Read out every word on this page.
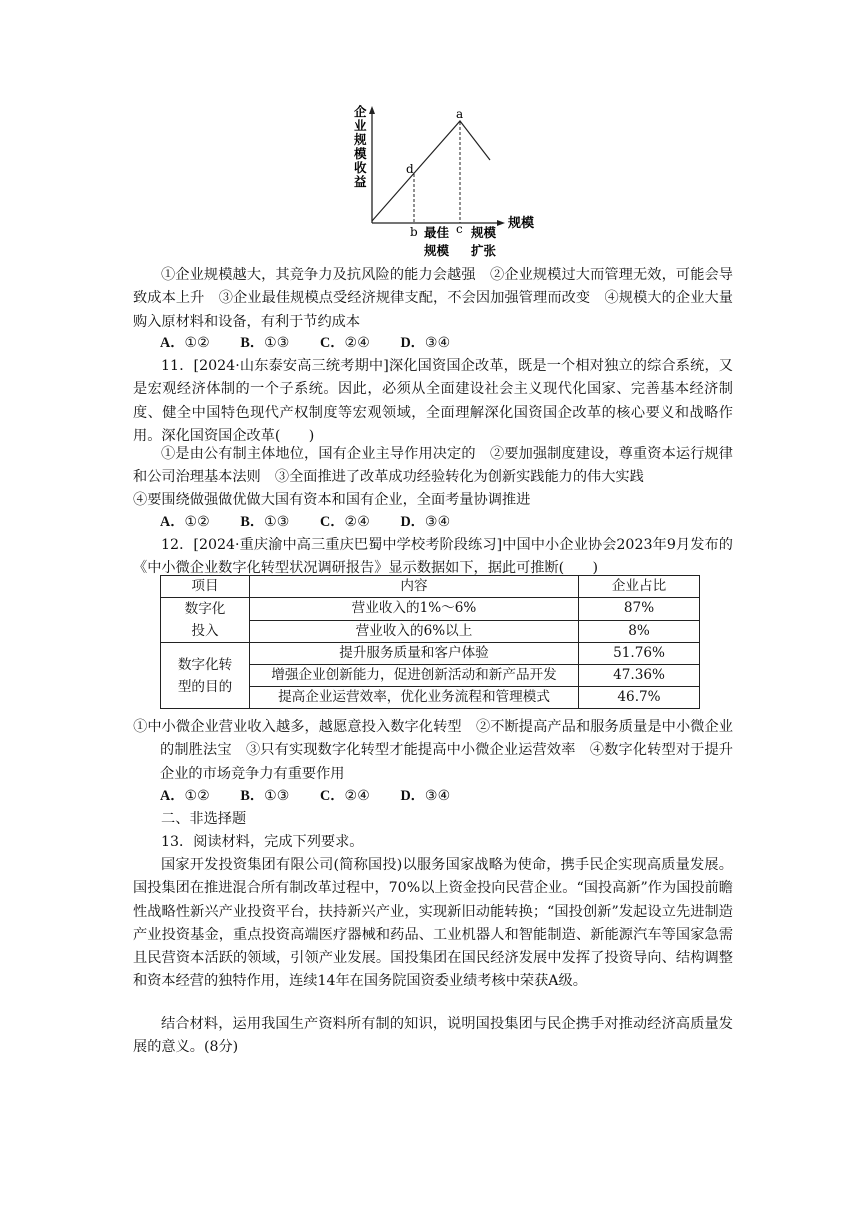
企业规模收益
规模
a
d
b	c
最佳
规模
规模
扩张

①企业规模越大，其竞争力及抗风险的能力会越强　②企业规模过大而管理无效，可能会导致成本上升　③企业最佳规模点受经济规律支配，不会因加强管理而改变　④规模大的企业大量购入原材料和设备，有利于节约成本

A．①② B．①③ C．②④ D．③④

11．[2024·山东泰安高三统考期中]深化国资国企改革，既是一个相对独立的综合系统，又是宏观经济体制的一个子系统。因此，必须从全面建设社会主义现代化国家、完善基本经济制度、健全中国特色现代产权制度等宏观领域，全面理解深化国资国企改革的核心要义和战略作用。深化国资国企改革(　　)

①是由公有制主体地位，国有企业主导作用决定的　②要加强制度建设，尊重资本运行规律和公司治理基本法则　③全面推进了改革成功经验转化为创新实践能力的伟大实践

④要围绕做强做优做大国有资本和国有企业，全面考量协调推进

A．①② B．①③ C．②④ D．③④

12．[2024·重庆渝中高三重庆巴蜀中学校考阶段练习]中国中小企业协会2023年9月发布的《中小微企业数字化转型状况调研报告》显示数据如下，据此可推断(　　)

项目	内容	企业占比

数字化
投入	营业收入的1%～6%	87%
	营业收入的6%以上	8%

数字化转
型的目的	提升服务质量和客户体验	51.76%
	增强企业创新能力，促进创新活动和新产品开发	47.36%
	提高企业运营效率，优化业务流程和管理模式	46.7%

①中小微企业营业收入越多，越愿意投入数字化转型　②不断提高产品和服务质量是中小微企业的制胜法宝　③只有实现数字化转型才能提高中小微企业运营效率　④数字化转型对于提升企业的市场竞争力有重要作用

A．①② B．①③ C．②④ D．③④

二、非选择题

13．阅读材料，完成下列要求。

国家开发投资集团有限公司(简称国投)以服务国家战略为使命，携手民企实现高质量发展。国投集团在推进混合所有制改革过程中，70%以上资金投向民营企业。“国投高新”作为国投前瞻性战略性新兴产业投资平台，扶持新兴产业，实现新旧动能转换；“国投创新”发起设立先进制造产业投资基金，重点投资高端医疗器械和药品、工业机器人和智能制造、新能源汽车等国家急需且民营资本活跃的领域，引领产业发展。国投集团在国民经济发展中发挥了投资导向、结构调整和资本经营的独特作用，连续14年在国务院国资委业绩考核中荣获A级。

结合材料，运用我国生产资料所有制的知识，说明国投集团与民企携手对推动经济高质量发展的意义。(8分)
